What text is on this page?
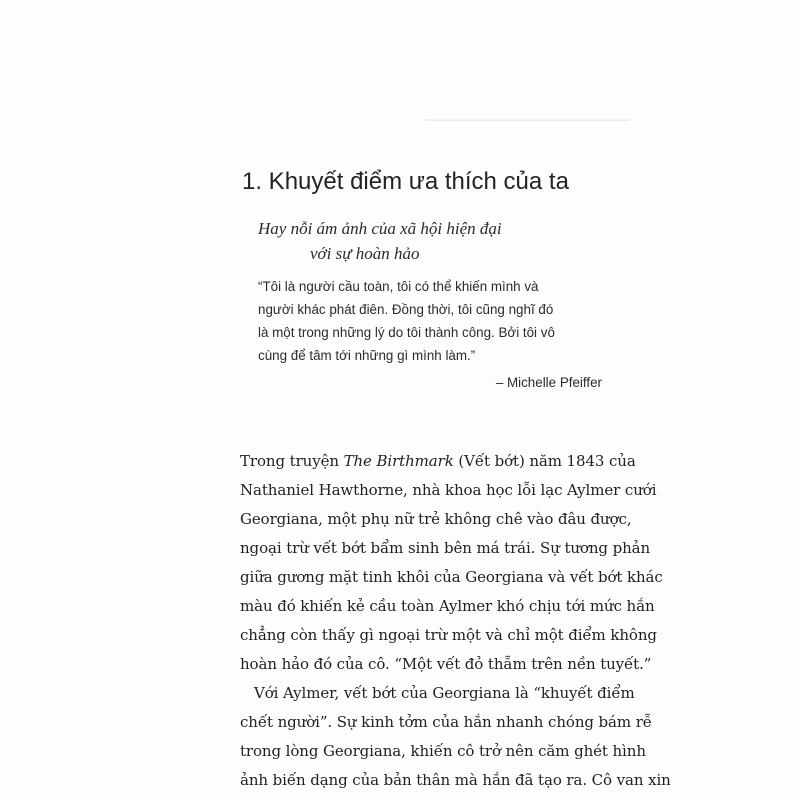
────────────────────
1. Khuyết điểm ưa thích của ta
Hay nỗi ám ảnh của xã hội hiện đại
với sự hoàn hảo
“Tôi là người cầu toàn, tôi có thể khiến mình và
người khác phát điên. Đồng thời, tôi cũng nghĩ đó
là một trong những lý do tôi thành công. Bởi tôi vô
cùng để tâm tới những gì mình làm.”
– Michelle Pfeiffer
Trong truyện The Birthmark (Vết bớt) năm 1843 của
Nathaniel Hawthorne, nhà khoa học lỗi lạc Aylmer cưới
Georgiana, một phụ nữ trẻ không chê vào đâu được,
ngoại trừ vết bớt bẩm sinh bên má trái. Sự tương phản
giữa gương mặt tinh khôi của Georgiana và vết bớt khác
màu đó khiến kẻ cầu toàn Aylmer khó chịu tới mức hắn
chẳng còn thấy gì ngoại trừ một và chỉ một điểm không
hoàn hảo đó của cô. “Một vết đỏ thẫm trên nền tuyết.”
Với Aylmer, vết bớt của Georgiana là “khuyết điểm
chết người”. Sự kinh tởm của hắn nhanh chóng bám rễ
trong lòng Georgiana, khiến cô trở nên căm ghét hình
ảnh biến dạng của bản thân mà hắn đã tạo ra. Cô van xin
